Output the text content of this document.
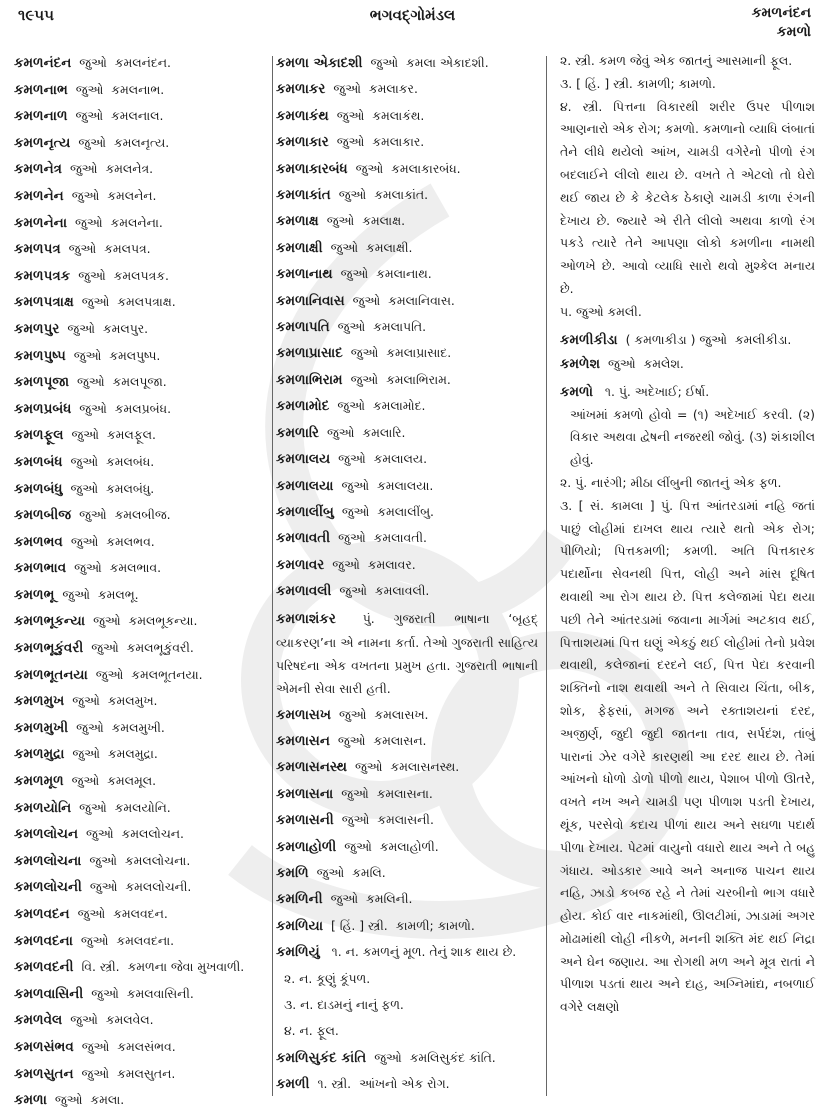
૧૯૫૫	ભગવદ્ગોમંડલ	કમળનંદન
કમળો
કમળનંદન જુઓ કમલનંદન.
કમળનાભ જુઓ કમલનાભ.
કમળનાળ જુઓ કમલનાલ.
કમળનૃત્ય જુઓ કમલનૃત્ય.
કમળનેત્ર જુઓ કમલનેત્ર.
કમળનેન જુઓ કમલનેન.
કમળનેના જુઓ કમલનેના.
કમળપત્ર જુઓ કમલપત્ર.
કમળપત્રક જુઓ કમલપત્રક.
કમળપત્રાક્ષ જુઓ કમલપત્રાક્ષ.
કમળપુર જુઓ કમલપુર.
કમળપુષ્પ જુઓ કમલપુષ્પ.
કમળપૂજા જુઓ કમલપૂજા.
કમળપ્રબંધ જુઓ કમલપ્રબંધ.
કમળફૂલ જુઓ કમલફૂલ.
કમળબંધ જુઓ કમલબંધ.
કમળબંધુ જુઓ કમલબંધુ.
કમળબીજ જુઓ કમલબીજ.
કમળભવ જુઓ કમલભવ.
કમળભાવ જુઓ કમલભાવ.
કમળભૂ જુઓ કમલભૂ.
કમળભૂકન્યા જુઓ કમલભૂકન્યા.
કમળભૂકુંવરી જુઓ કમલભૂકુંવરી.
કમળભૂતનયા જુઓ કમલભૂતનયા.
કમળમુખ જુઓ કમલમુખ.
કમળમુખી જુઓ કમલમુખી.
કમળમુદ્રા જુઓ કમલમુદ્રા.
કમળમૂળ જુઓ કમલમૂલ.
કમળયોનિ જુઓ કમલયોનિ.
કમળલોચન જુઓ કમલલોચન.
કમળલોચના જુઓ કમલલોચના.
કમળલોચની જુઓ કમલલોચની.
કમળવદન જુઓ કમલવદન.
કમળવદના જુઓ કમલવદના.
કમળવદની વિ. સ્ત્રી. કમળના જેવા મુખવાળી.
કમળવાસિની જુઓ કમલવાસિની.
કમળવેલ જુઓ કમલવેલ.
કમળસંભવ જુઓ કમલસંભવ.
કમળસુતન જુઓ કમલસુતન.
કમળા જુઓ કમલા.
કમળા એકાદશી જુઓ કમલા એકાદશી.
કમળાકર જુઓ કમલાકર.
કમળાકંથ જુઓ કમલાકંથ.
કમળાકાર જુઓ કમલાકાર.
કમળાકારબંધ જુઓ કમલાકારબંધ.
કમળાકાંત જુઓ કમલાકાંત.
કમળાક્ષ જુઓ કમલાક્ષ.
કમળાક્ષી જુઓ કમલાક્ષી.
કમળાનાથ જુઓ કમલાનાથ.
કમળાનિવાસ જુઓ કમલાનિવાસ.
કમળાપતિ જુઓ કમલાપતિ.
કમળાપ્રાસાદ જુઓ કમલાપ્રાસાદ.
કમળાભિરામ જુઓ કમલાભિરામ.
કમળામોદ જુઓ કમલામોદ.
કમળારિ જુઓ કમલારિ.
કમળાલય જુઓ કમલાલય.
કમળાલયા જુઓ કમલાલયા.
કમળાલીંબુ જુઓ કમલાલીંબુ.
કમળાવતી જુઓ કમલાવતી.
કમળાવર જુઓ કમલાવર.
કમળાવલી જુઓ કમલાવલી.
કમળાશંકર પું. ગુજરાતી ભાષાના ‘બૃહદ્ વ્યાકરણ’ના એ નામના કર્તા. તેઓ ગુજરાતી સાહિત્ય પરિષદના એક વખતના પ્રમુખ હતા. ગુજરાતી ભાષાની એમની સેવા સારી હતી.
કમળાસખ જુઓ કમલાસખ.
કમળાસન જુઓ કમલાસન.
કમળાસનસ્થ જુઓ કમલાસનસ્થ.
કમળાસના જુઓ કમલાસના.
કમળાસની જુઓ કમલાસની.
કમળાહોળી જુઓ કમલાહોળી.
કમળિ જુઓ કમલિ.
કમળિની જુઓ કમલિની.
કમળિયા [ હિં. ] સ્ત્રી. કામળી; કામળો.
કમળિયું ૧. ન. કમળનું મૂળ. તેનું શાક થાય છે.
૨. ન. કૂણું કૂંપળ.
૩. ન. દાડમનું નાનું ફળ.
૪. ન. ફૂલ.
કમળિસુકંદ કાંતિ જુઓ કમલિસુકંદ કાંતિ.
કમળી ૧. સ્ત્રી. આંખનો એક રોગ.
૨. સ્ત્રી. કમળ જેવું એક જાતનું આસમાની ફૂલ.
૩. [ હિં. ] સ્ત્રી. કામળી; કામળો.
૪. સ્ત્રી. પિત્તના વિકારથી શરીર ઉપર પીળાશ આણનારો એક રોગ; કમળો. કમળાનો વ્યાધિ લંબાતાં તેને લીધે થયેલો આંખ, ચામડી વગેરેનો પીળો રંગ બદલાઈને લીલો થાય છે. વખતે તે એટલો તો ઘેરો થઈ જાય છે કે કેટલેક ઠેકાણે ચામડી કાળા રંગની દેખાય છે. જ્યારે એ રીતે લીલો અથવા કાળો રંગ પકડે ત્યારે તેને આપણા લોકો કમળીના નામથી ઓળખે છે. આવો વ્યાધિ સારો થવો મુશ્કેલ મનાય છે.
૫. જુઓ કમલી.
કમળીકીડા ( કમળાકીડા ) જુઓ કમલીકીડા.
કમળેશ જુઓ કમલેશ.
કમળો ૧. પું. અદેખાઈ; ઈર્ષા.
આંખમાં કમળો હોવો = (૧) અદેખાઈ કરવી. (૨) વિકાર અથવા દ્વેષની નજરથી જોવું. (૩) શંકાશીલ હોવું.
૨. પું. નારંગી; મીઠા લીંબુની જાતનું એક ફળ.
૩. [ સં. કામલા ] પું. પિત્ત આંતરડામાં નહિ જતાં પાછું લોહીમાં દાખલ થાય ત્યારે થતો એક રોગ; પીળિયો; પિત્તકમળી; કમળી. અતિ પિત્તકારક પદાર્થોના સેવનથી પિત્ત, લોહી અને માંસ દૂષિત થવાથી આ રોગ થાય છે. પિત્ત કલેજામાં પેદા થયા પછી તેને આંતરડામાં જવાના માર્ગમાં અટકાવ થઈ, પિત્તાશયમાં પિત્ત ઘણું એકઠું થઈ લોહીમાં તેનો પ્રવેશ થવાથી, કલેજાનાં દરદને લઈ, પિત્ત પેદા કરવાની શક્તિનો નાશ થવાથી અને તે સિવાય ચિંતા, બીક, શોક, ફેફસાં, મગજ અને રક્તાશયનાં દરદ, અજીર્ણ, જુદી જુદી જાતના તાવ, સર્પદંશ, તાંબું પારાનાં ઝેર વગેરે કારણથી આ દરદ થાય છે. તેમાં આંખનો ધોળો ડોળો પીળો થાય, પેશાબ પીળો ઊતરે, વખતે નખ અને ચામડી પણ પીળાશ પડતી દેખાય, થૂંક, પરસેવો કદાચ પીળાં થાય અને સઘળા પદાર્થ પીળા દેખાય. પેટમાં વાયુનો વધારો થાય અને તે બહુ ગંધાય. ઓડકાર આવે અને અનાજ પાચન થાય નહિ, ઝાડો કબજ રહે ને તેમાં ચરબીનો ભાગ વધારે હોય. કોઈ વાર નાકમાંથી, ઊલટીમાં, ઝાડામાં અગર મોઢામાંથી લોહી નીકળે, મનની શક્તિ મંદ થઈ નિદ્રા અને ઘેન જણાય. આ રોગથી મળ અને મૂત્ર રાતાં ને પીળાશ પડતાં થાય અને દાહ, અગ્નિમાંદ્ય, નબળાઈ વગેરે લક્ષણો
